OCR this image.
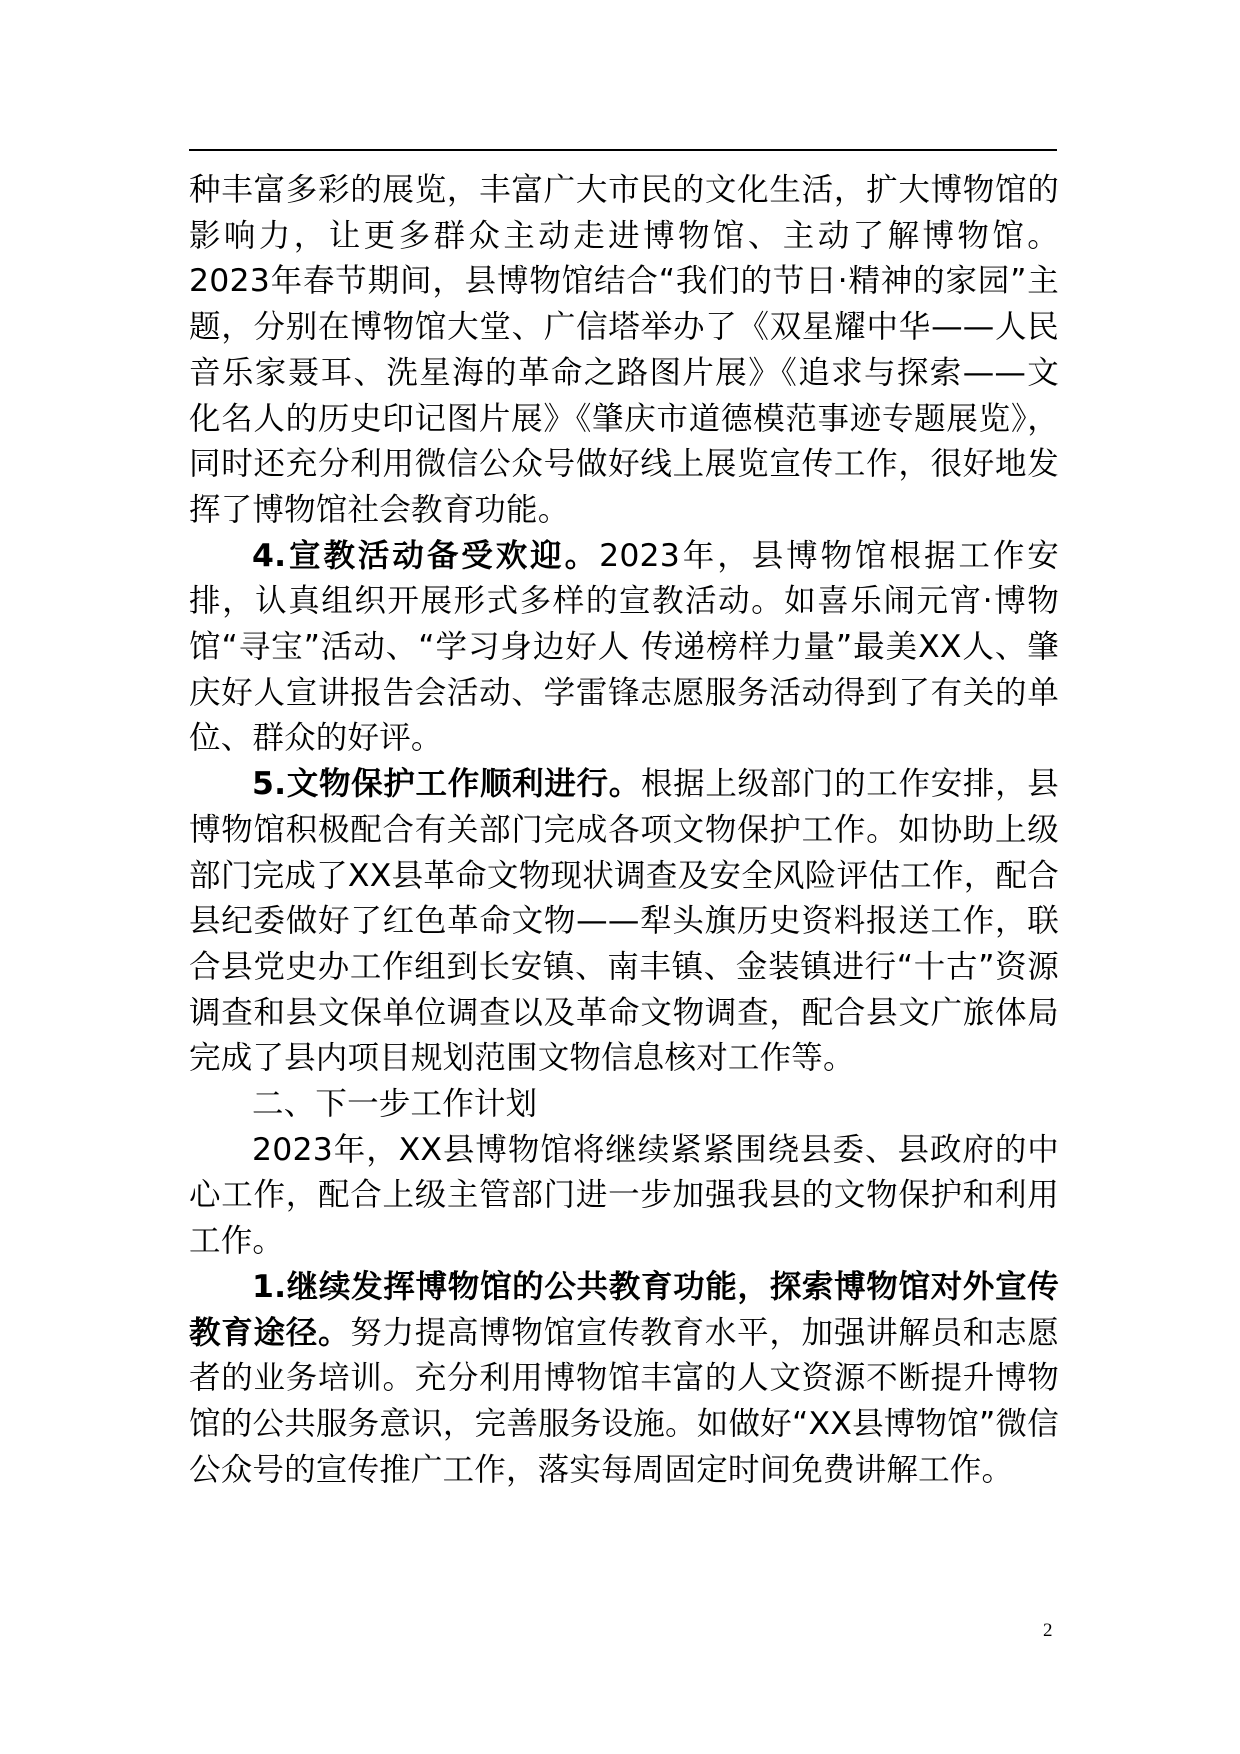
种丰富多彩的展览，丰富广大市民的文化生活，扩大博物馆的影响力，让更多群众主动走进博物馆、主动了解博物馆。2023年春节期间，县博物馆结合“我们的节日·精神的家园”主题，分别在博物馆大堂、广信塔举办了《双星耀中华——人民音乐家聂耳、洗星海的革命之路图片展》《追求与探索——文化名人的历史印记图片展》《肇庆市道德模范事迹专题展览》，同时还充分利用微信公众号做好线上展览宣传工作，很好地发挥了博物馆社会教育功能。

4.宣教活动备受欢迎。2023年，县博物馆根据工作安排，认真组织开展形式多样的宣教活动。如喜乐闹元宵·博物馆“寻宝”活动、“学习身边好人 传递榜样力量”最美XX人、肇庆好人宣讲报告会活动、学雷锋志愿服务活动得到了有关的单位、群众的好评。

5.文物保护工作顺利进行。根据上级部门的工作安排，县博物馆积极配合有关部门完成各项文物保护工作。如协助上级部门完成了XX县革命文物现状调查及安全风险评估工作，配合县纪委做好了红色革命文物——犁头旗历史资料报送工作，联合县党史办工作组到长安镇、南丰镇、金装镇进行“十古”资源调查和县文保单位调查以及革命文物调查，配合县文广旅体局完成了县内项目规划范围文物信息核对工作等。

二、下一步工作计划

2023年，XX县博物馆将继续紧紧围绕县委、县政府的中心工作，配合上级主管部门进一步加强我县的文物保护和利用工作。

1.继续发挥博物馆的公共教育功能，探索博物馆对外宣传教育途径。努力提高博物馆宣传教育水平，加强讲解员和志愿者的业务培训。充分利用博物馆丰富的人文资源不断提升博物馆的公共服务意识，完善服务设施。如做好“XX县博物馆”微信公众号的宣传推广工作，落实每周固定时间免费讲解工作。

2
